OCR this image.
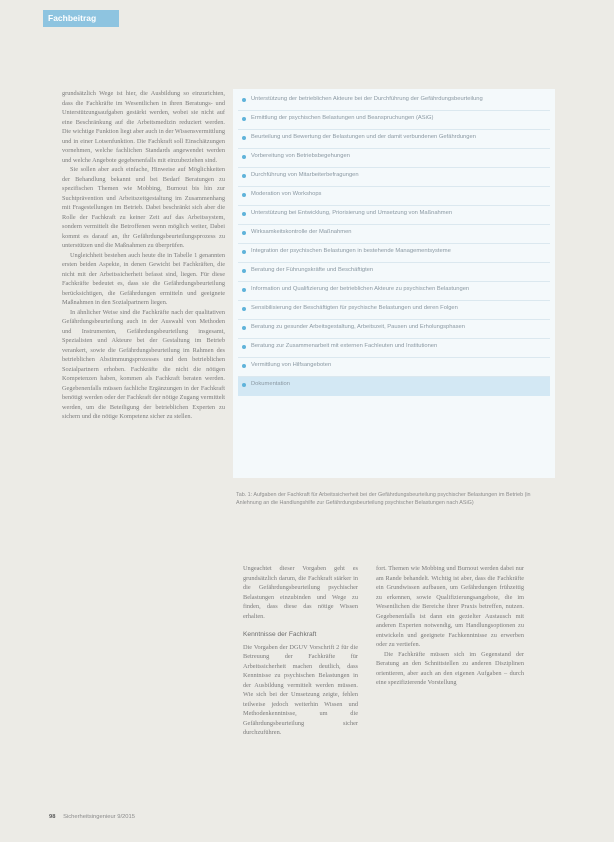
Fachbeitrag

grundsätzlich Wege ist hier, die Ausbildung so einzurichten, dass die Fachkräfte im Wesentlichen in ihren Beratungs- und Unterstützungsaufgaben gestärkt werden, wobei sie nicht auf eine Beschränkung auf die Arbeitsmedizin reduziert werden. Die wichtige Funktion liegt aber auch in der Wissensvermittlung und in einer Lotsenfunktion. Die Fachkraft soll Einschätzungen vornehmen, welche fachlichen Standards angewendet werden und welche Angebote gegebenenfalls mit einzubeziehen sind.

Sie sollen aber auch einfache, Hinweise auf Möglichkeiten der Behandlung bekannt und bei Bedarf Beratungen zu spezifischen Themen wie Mobbing, Burnout bis hin zur Suchtprävention und Arbeitszeitgestaltung im Zusammenhang mit Fragestellungen im Betrieb. Dabei beschränkt sich aber die Rolle der Fachkraft zu keiner Zeit auf das Arbeitssystem, sondern vermittelt die Betroffenen wenn möglich weiter, Dabei kommt es darauf an, ihr Gefährdungsbeurteilungsprozess zu unterstützen und die Maßnahmen zu überprüfen.

Ungleichheit bestehen auch heute die in Tabelle 1 genannten ersten beiden Aspekte, in denen Gewicht bei Fachkräften, die nicht mit der Arbeitssicherheit befasst sind, liegen. Für diese Fachkräfte bedeutet es, dass sie die Gefährdungsbeurteilung berücksichtigen, die Gefährdungen ermitteln und geeignete Maßnahmen in den Sozialpartnern liegen.

In ähnlicher Weise sind die Fachkräfte nach der qualitativen Gefährdungsbeurteilung auch in der Auswahl von Methoden und Instrumenten, Gefährdungsbeurteilung insgesamt, Spezialisten und Akteure bei der Gestaltung im Betrieb verankert, sowie die Gefährdungsbeurteilung im Rahmen des betrieblichen Abstimmungsprozesses und den betrieblichen Sozialpartnern erhoben. Fachkräfte die nicht die nötigen Kompetenzen haben, kommen als Fachkraft beraten werden. Gegebenenfalls müssen fachliche Ergänzungen in der Fachkraft benötigt werden oder der Fachkraft der nötige Zugang vermittelt werden, um die Beteiligung der betrieblichen Experten zu sichern und die nötige Kompetenz sicher zu stellen.

Unterstützung der betrieblichen Akteure bei der Durchführung der Gefährdungsbeurteilung
Ermittlung der psychischen Belastungen und Beanspruchungen (ASiG)
Beurteilung und Bewertung der Belastungen und der damit verbundenen Gefährdungen
Vorbereitung von Betriebsbegehungen
Durchführung von Mitarbeiterbefragungen
Moderation von Workshops
Unterstützung bei Entwicklung, Priorisierung und Umsetzung von Maßnahmen
Wirksamkeitskontrolle der Maßnahmen
Integration der psychischen Belastungen in bestehende Managementsysteme
Beratung der Führungskräfte und Beschäftigten
Information und Qualifizierung der betrieblichen Akteure zu psychischen Belastungen
Sensibilisierung der Beschäftigten für psychische Belastungen und deren Folgen
Beratung zu gesunder Arbeitsgestaltung, Arbeitszeit, Pausen und Erholungsphasen
Beratung zur Zusammenarbeit mit externen Fachleuten und Institutionen
Vermittlung von Hilfsangeboten
Dokumentation
Tab. 1: Aufgaben der Fachkraft für Arbeitssicherheit bei der Gefährdungsbeurteilung psychischer Belastungen im Betrieb (in Anlehnung an die Handlungshilfe zur Gefährdungsbeurteilung psychischer Belastungen nach ASiG)

Ungeachtet dieser Vorgaben geht es grundsätzlich darum, die Fachkraft stärker in die Gefährdungsbeurteilung psychischer Belastungen einzubinden und Wege zu finden, dass diese das nötige Wissen erhalten.

Kenntnisse der Fachkraft

Die Vorgaben der DGUV Vorschrift 2 für die Betreuung der Fachkräfte für Arbeitssicherheit machen deutlich, dass Kenntnisse zu psychischen Belastungen in der Ausbildung vermittelt werden müssen. Wie sich bei der Umsetzung zeigte, fehlen teilweise jedoch weiterhin Wissen und Methodenkenntnisse, um die Gefährdungsbeurteilung sicher durchzuführen.

fort. Themen wie Mobbing und Burnout werden dabei nur am Rande behandelt. Wichtig ist aber, dass die Fachkräfte ein Grundwissen aufbauen, um Gefährdungen frühzeitig zu erkennen, sowie Qualifizierungsangebote, die im Wesentlichen die Bereiche ihrer Praxis betreffen, nutzen. Gegebenenfalls ist dann ein gezielter Austausch mit anderen Experten notwendig, um Handlungsoptionen zu entwickeln und geeignete Fachkenntnisse zu erwerben oder zu vertiefen.

Die Fachkräfte müssen sich im Gegenstand der Beratung an den Schnittstellen zu anderen Disziplinen orientieren, aber auch an den eigenen Aufgaben – durch eine spezifizierende Vorstellung

98 Sicherheitsingenieur 9/2015
